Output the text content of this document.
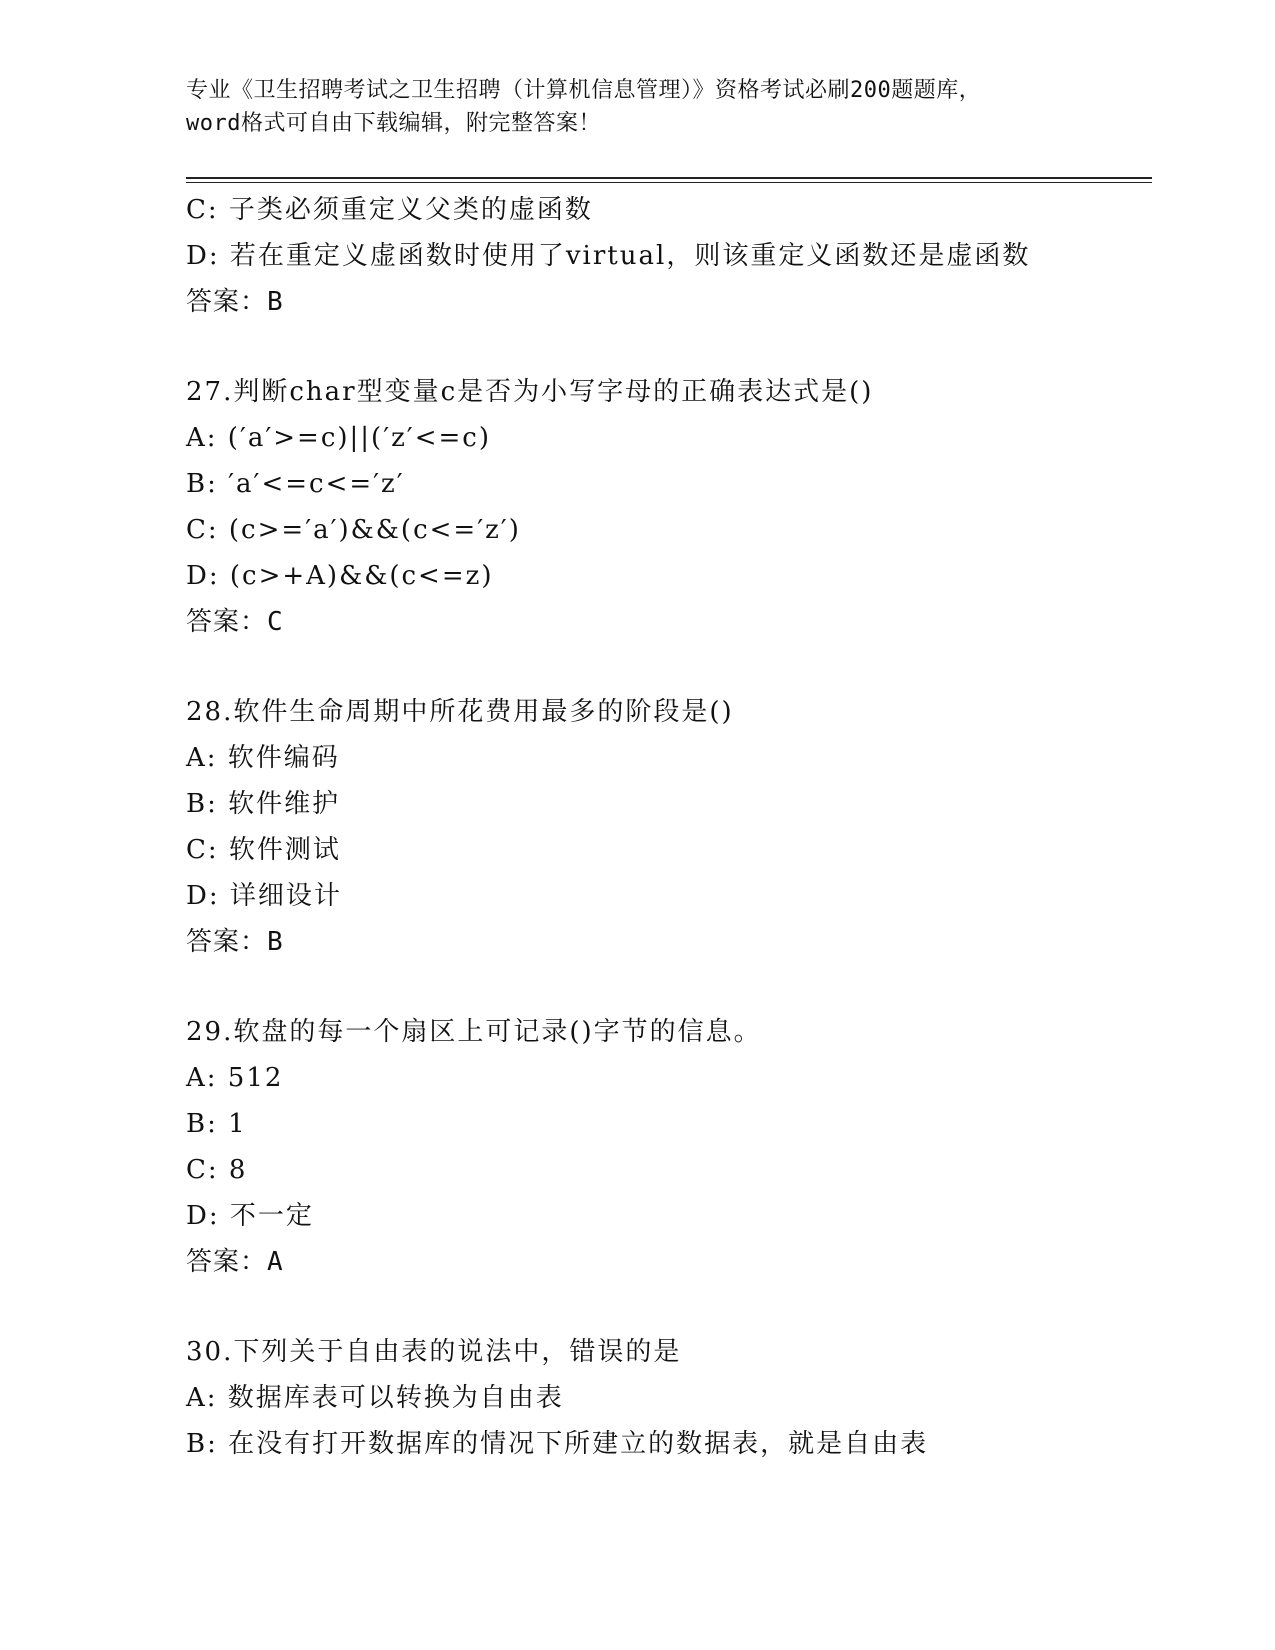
专业《卫生招聘考试之卫生招聘（计算机信息管理）》资格考试必刷200题题库，
word格式可自由下载编辑，附完整答案！
C: 子类必须重定义父类的虚函数
D: 若在重定义虚函数时使用了virtual，则该重定义函数还是虚函数
答案：B
27.判断char型变量c是否为小写字母的正确表达式是()
A: (′a′>=c)||(′z′<=c)
B: ′a′<=c<=′z′
C: (c>=′a′)&&(c<=′z′)
D: (c>+A)&&(c<=z)
答案：C
28.软件生命周期中所花费用最多的阶段是()
A: 软件编码
B: 软件维护
C: 软件测试
D: 详细设计
答案：B
29.软盘的每一个扇区上可记录()字节的信息。
A: 512
B: 1
C: 8
D: 不一定
答案：A
30.下列关于自由表的说法中，错误的是
A: 数据库表可以转换为自由表
B: 在没有打开数据库的情况下所建立的数据表，就是自由表
